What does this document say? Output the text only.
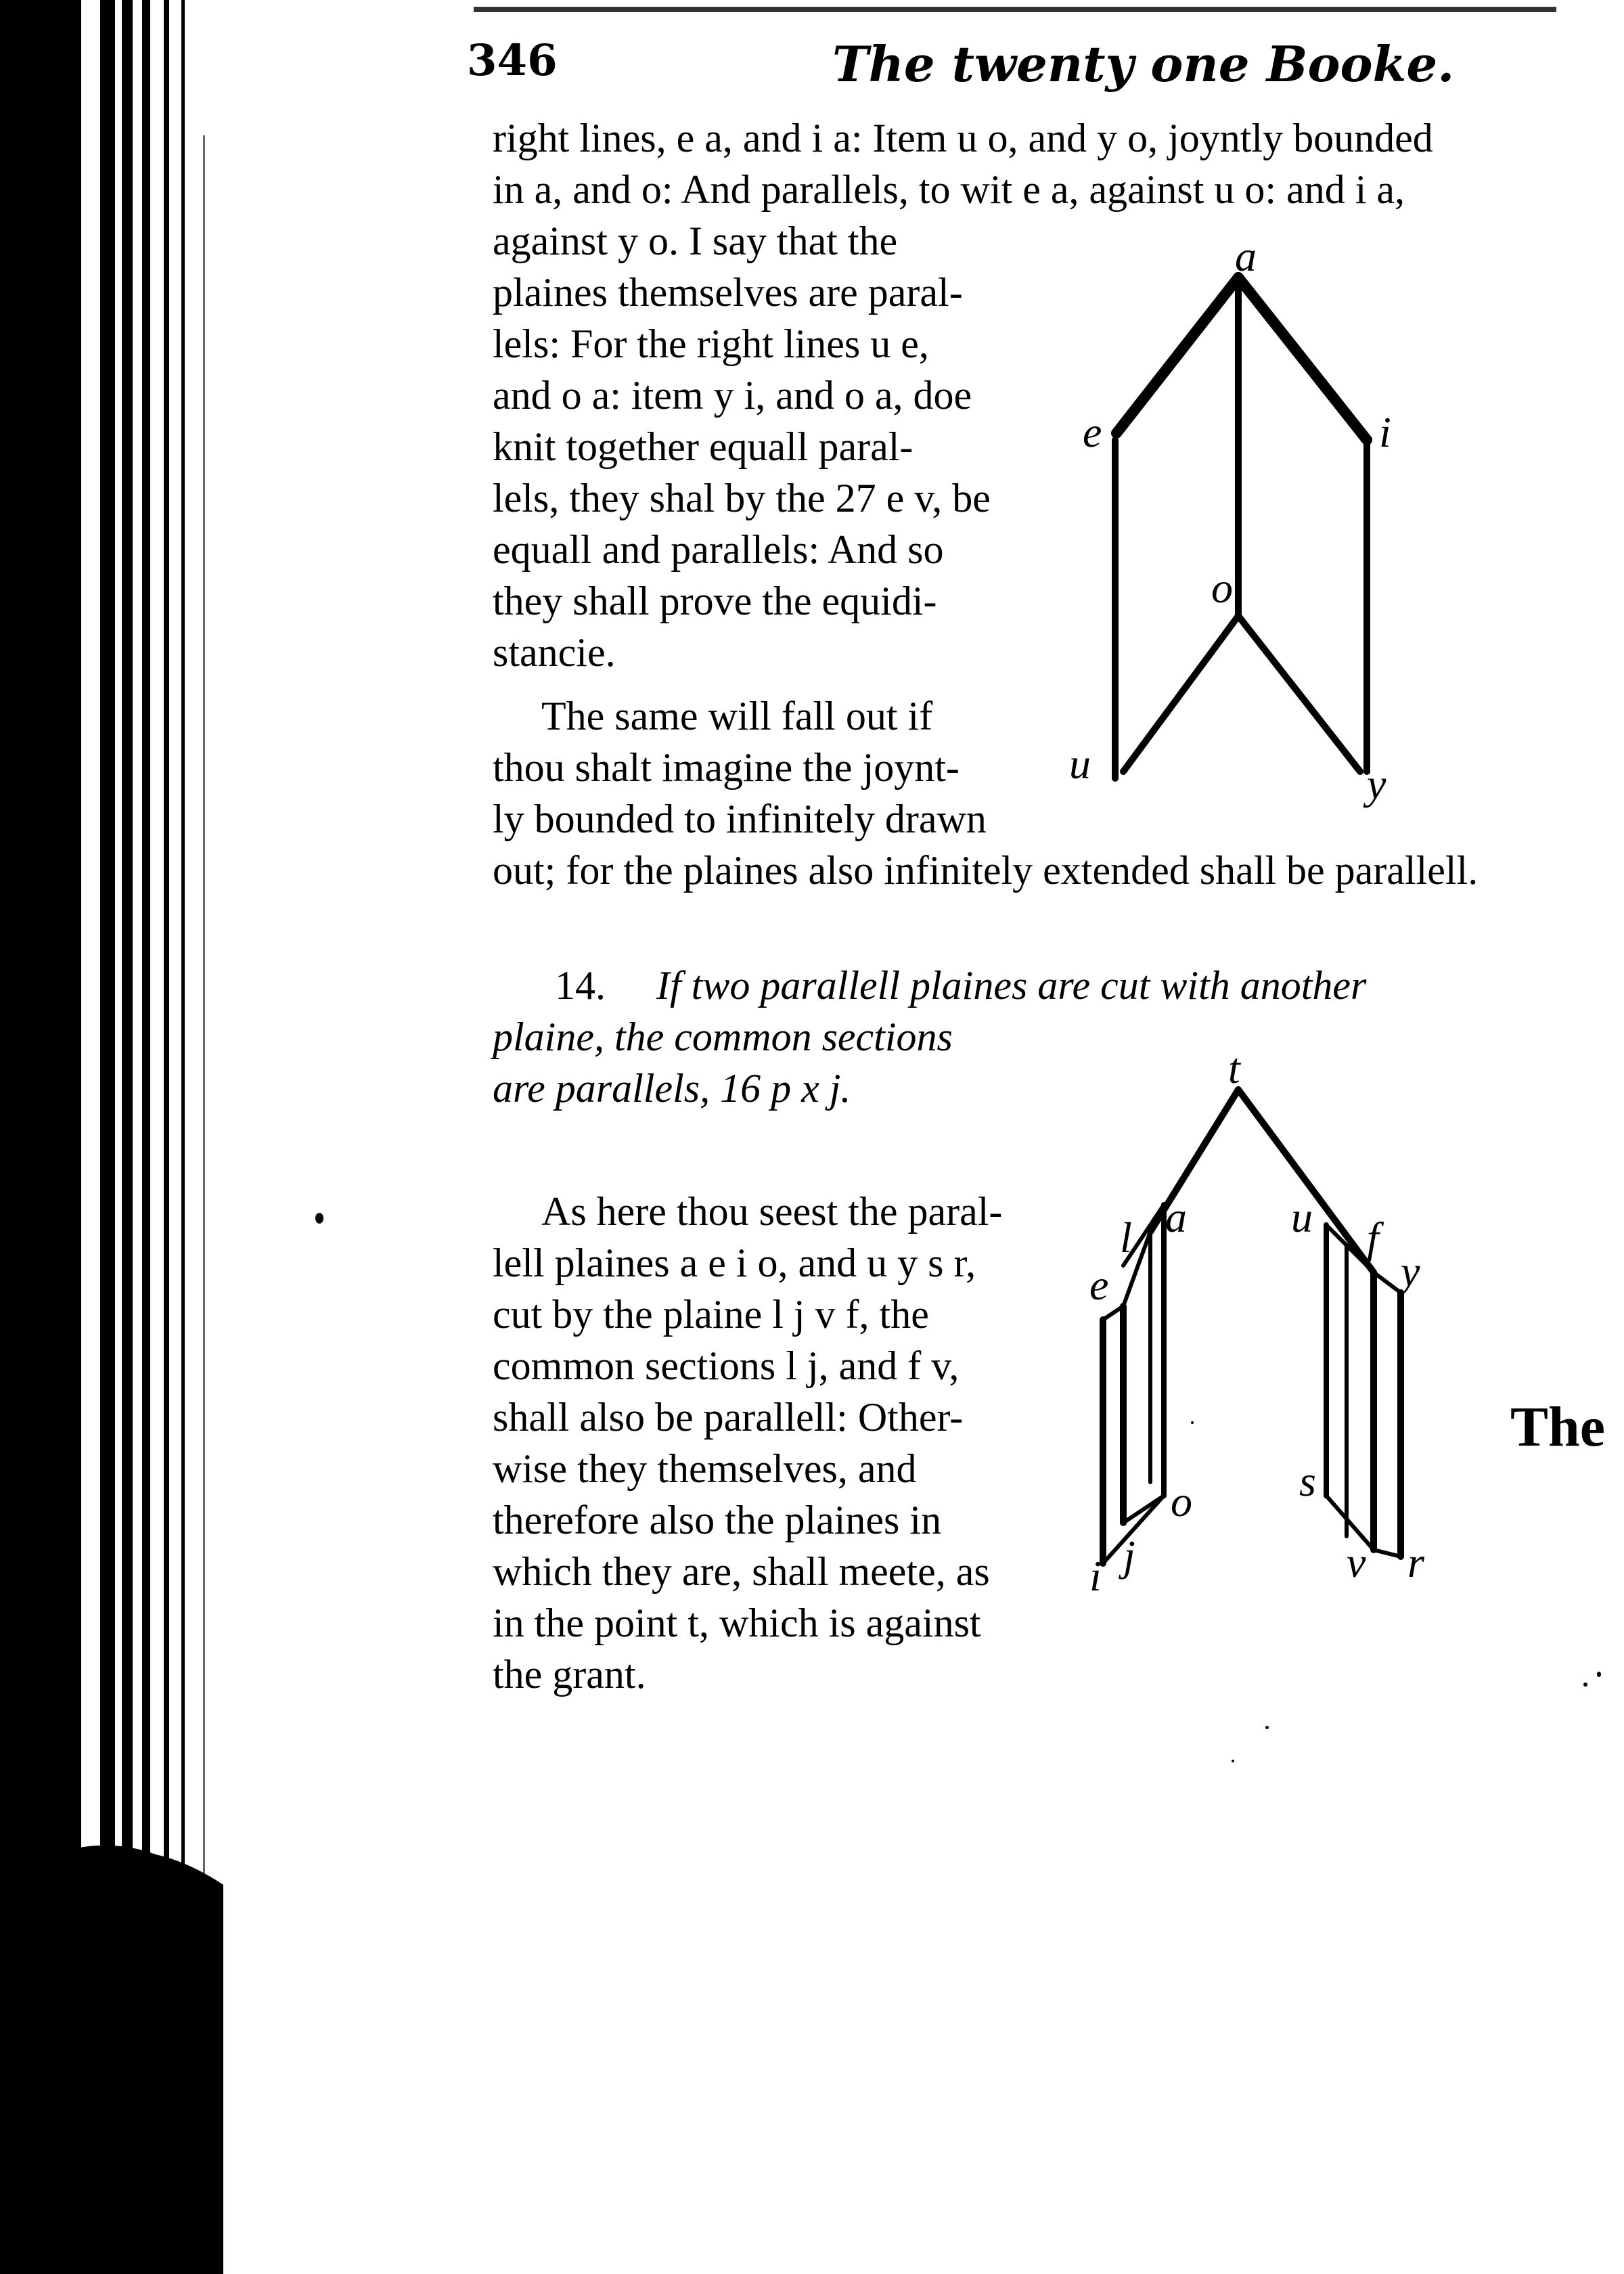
346	The twenty one Booke.
right lines, e a, and i a: Item u o, and y o, joyntly bounded
in a, and o: And parallels, to wit e a, against u o: and i a,
against y o. I say that the
plaines themselves are paral-
lels: For the right lines u e,
and o a: item y i, and o a, doe
knit together equall paral-
lels, they shal by the 27 e v, be
equall and parallels: And so
they shall prove the equidi-
stancie.
The same will fall out if
thou shalt imagine the joynt-
ly bounded to infinitely drawn
out; for the plaines also infinitely extended shall be parallell.
a
e	i
o
u	y
14. If two parallell plaines are cut with another
plaine, the common sections
are parallels, 16 p x j.
As here thou seest the paral-
lell plaines a e i o, and u y s r,
cut by the plaine l j v f, the
common sections l j, and f v,
shall also be parallell: Other-
wise they themselves, and
therefore also the plaines in
which they are, shall meete, as
in the point t, which is against
the grant.
t
a
l
e
o
j
i
u f
y
s
v r
The
